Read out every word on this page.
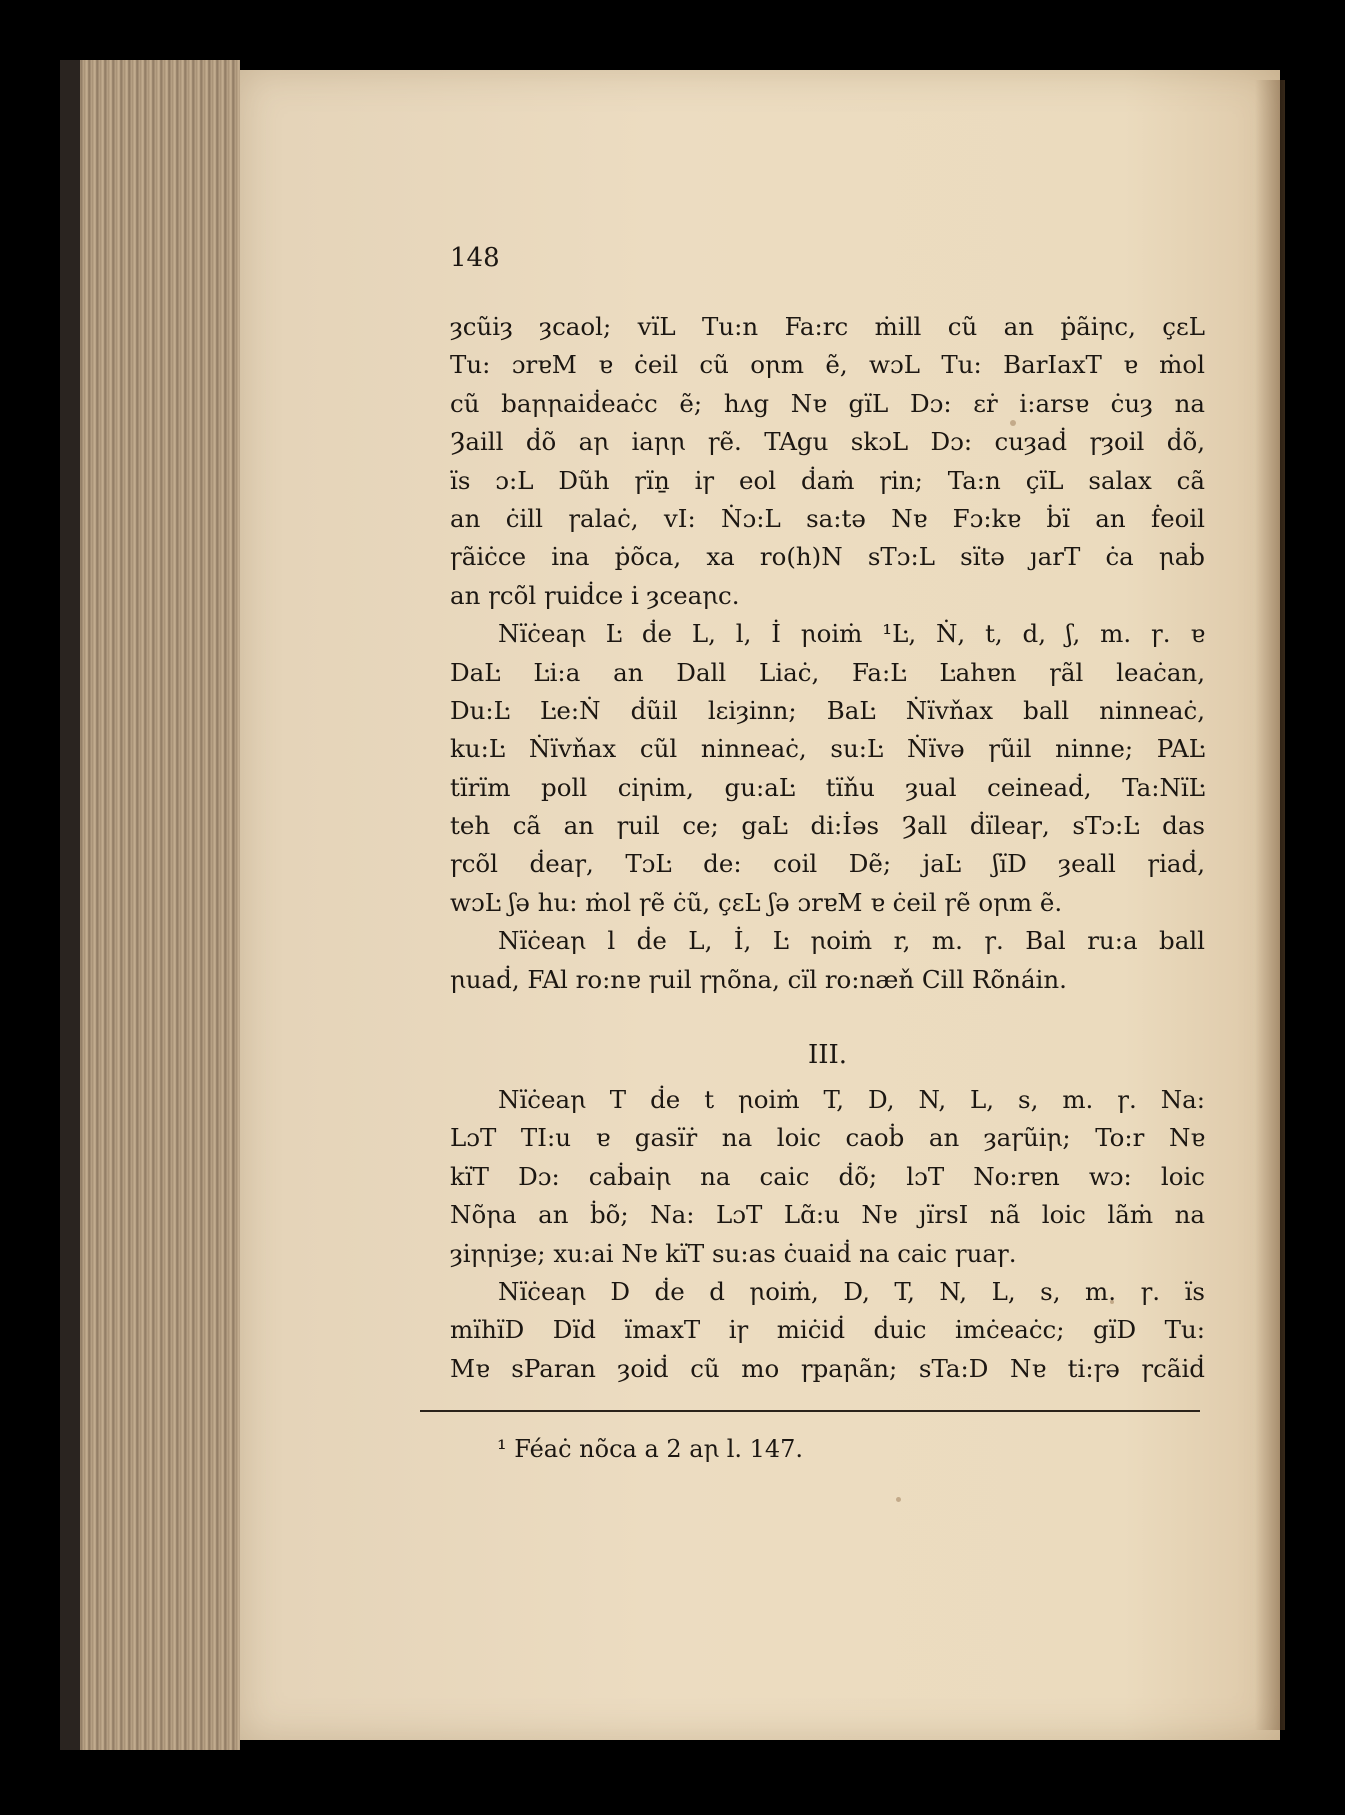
148
ȝcũiȝ ȝcaol; vïL Tu:n Fa:rc ṁill cũ an ṗãiꞃc, çɛL
Tu: ɔrɐM ɐ ċeil cũ oꞃm ẽ, wɔL Tu: BarIaxT ɐ ṁol
cũ baꞃꞃaiḋeaċc ẽ; hʌg Nɐ gïL Dɔ: ɛṙ i:arsɐ ċuȝ na
Ȝaill ḋõ aꞃ iaꞃꞃ ꞅẽ. TAgu skɔL Dɔ: cuȝaḋ ꞅȝoil ḋõ,
ïs ɔ:L Dũh ꞅïṉ iꞅ eol ḋaṁ ꞅin; Ta:n çïL salax cã
an ċill ꞅalaċ, vI: Ṅɔ:L sa:tə Nɐ Fɔ:kɐ ḃï an ḟeoil
ꞅãiċce ina ṗõca, xa ro(h)N sTɔ:L sïtə ȷarT ċa ꞃaḃ
an ꞅcõl ꞅuiḋce i ȝceaꞃc.
Nïċeaꞃ Ŀ ḋe L, l, İ ꞃoiṁ ¹Ŀ, Ṅ, t, d, ʃ, m. ꞅ. ɐ
DaĿ Ŀi:a an Dall Liaċ, Fa:Ŀ Ŀahɐn ꞅãl leaċan,
Du:Ŀ Ŀe:Ṅ ḋũil lɛiȝinn; BaĿ Ṅïvňax ball ninneaċ,
ku:Ŀ Ṅïvňax cũl ninneaċ, su:Ŀ Ṅïvə ꞅũil ninne; PAĿ
tïrïm poll ciꞃim, gu:aĿ tïňu ȝual ceineaḋ, Ta:NïĿ
teh cã an ꞅuil ce; gaĿ di:İəs Ȝall ḋïleaꞅ, sTɔ:Ŀ das
ꞅcõl ḋeaꞅ, TɔĿ de: coil Dẽ; jaĿ ʃïD ȝeall ꞅiaḋ,
wɔĿ ʃə hu: ṁol ꞅẽ ċũ, çɛĿ ʃə ɔrɐM ɐ ċeil ꞅẽ oꞃm ẽ.
Nïċeaꞃ l ḋe L, İ, Ŀ ꞃoiṁ r, m. ꞅ. Bal ru:a ball
ꞃuaḋ, FAl ro:nɐ ꞅuil ꞅꞃõna, cïl ro:næň Cill Rõnáin.
III.
Nïċeaꞃ T ḋe t ꞃoiṁ T, D, N, L, s, m. ꞅ. Na:
LɔT TI:u ɐ gasïṙ na loic caoḃ an ȝaꞅũiꞃ; To:r Nɐ
kïT Dɔ: caḃaiꞃ na caic ḋõ; lɔT No:rɐn wɔ: loic
Nõꞃa an ḃõ; Na: LɔT Lɑ̃:u Nɐ ȷïrsI nã loic lãṁ na
ȝiꞃꞃiȝe; xu:ai Nɐ kïT su:as ċuaiḋ na caic ꞅuaꞅ.
Nïċeaꞃ D ḋe d ꞃoiṁ, D, T, N, L, s, m. ꞅ. ïs
mïhïD Dïd ïmaxT iꞅ miċiḋ ḋuic imċeaċc; gïD Tu:
Mɐ sParan ȝoiḋ cũ mo ꞅpaꞃãn; sTa:D Nɐ ti:ꞅə ꞅcãiḋ
¹ Féaċ nõca a 2 aꞃ l. 147.
